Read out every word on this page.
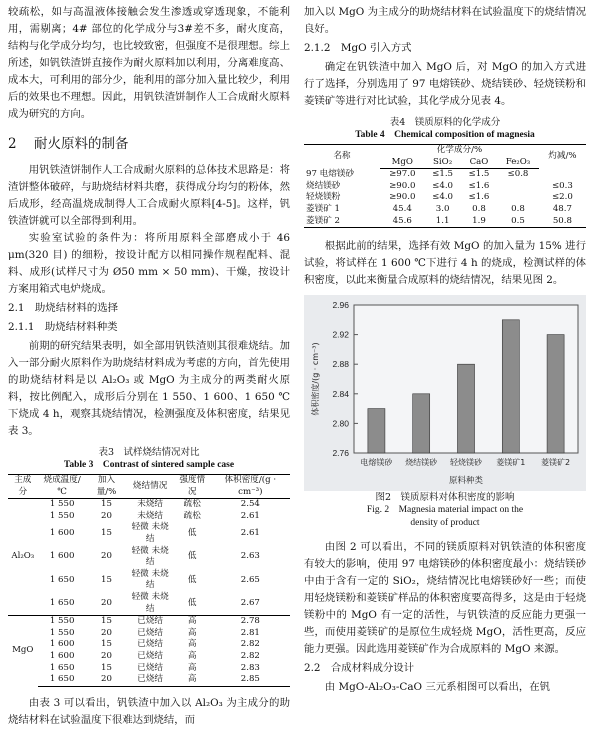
较疏松，如与高温液体接触会发生渗透或穿透现象，不能利用，需剔离；4# 部位的化学成分与3#差不多，耐火度高，结构与化学成分均匀，也比较致密，但强度不是很理想。综上所述，如钒铁渣饼直接作为耐火原料加以利用，分离难度高、成本大，可利用的部分少，能利用的部分加入量比较少，利用后的效果也不理想。因此，用钒铁渣饼制作人工合成耐火原料成为研究的方向。

2 耐火原料的制备

用钒铁渣饼制作人工合成耐火原料的总体技术思路是：将渣饼整体破碎，与助烧结材料共磨，获得成分均匀的粉体，然后成形，经高温烧成制得人工合成耐火原料[4-5]。这样，钒铁渣饼就可以全部得到利用。

实验室试验的条件为：将所用原料全部磨成小于 46 μm(320 目) 的细粉，按设计配方以相同操作规程配料、混料、成形(试样尺寸为 Ø50 mm × 50 mm)、干燥，按设计方案用箱式电炉烧成。

2.1　助烧结材料的选择
2.1.1　助烧结材料种类

前期的研究结果表明，如全部用钒铁渣则其很难烧结。加入一部分耐火原料作为助烧结材料成为考虑的方向，首先使用的助烧结材料是以 Al₂O₃ 或 MgO 为主成分的两类耐火原料，按比例配入，成形后分别在 1 550、1 600、1 650 ℃下烧成 4 h，观察其烧结情况，检测强度及体积密度，结果见表 3。

表3　试样烧结情况对比
Table 3　Contrast of sintered sample case
主成分	烧成温度/℃	加入量/%	烧结情况	强度情况	体积密度/(g · cm⁻³)
Al₂O₃	1 550	15	未烧结	疏松	2.54
	1 550	20	未烧结	疏松	2.61
	1 600	15	轻微 未烧结	低	2.61
	1 600	20	轻微 未烧结	低	2.63
	1 650	15	轻微 未烧结	低	2.65
	1 650	20	轻微 未烧结	低	2.67
MgO	1 550	15	已烧结	高	2.78
	1 550	20	已烧结	高	2.81
	1 600	15	已烧结	高	2.82
	1 600	20	已烧结	高	2.82
	1 650	15	已烧结	高	2.83
	1 650	20	已烧结	高	2.85

由表 3 可以看出，钒铁渣中加入以 Al₂O₃ 为主成分的助烧结材料在试验温度下很难达到烧结，而

加入以 MgO 为主成分的助烧结材料在试验温度下的烧结情况良好。

2.1.2　MgO 引入方式

确定在钒铁渣中加入 MgO 后，对 MgO 的加入方式进行了选择，分别选用了 97 电熔镁砂、烧结镁砂、轻烧镁粉和菱镁矿等进行对比试验，其化学成分见表 4。

表4　镁质原料的化学成分
Table 4　Chemical composition of magnesia
名称	化学成分/%				灼减/%
	MgO	SiO₂	CaO	Fe₂O₃	
97 电熔镁砂	≥97.0	≤1.5	≤1.5	≤0.8	
烧结镁砂	≥90.0	≤4.0	≤1.6		≤0.3
轻烧镁粉	≥90.0	≤4.0	≤1.6		≤2.0
菱镁矿 1	45.4	3.0	0.8	0.8	48.7
菱镁矿 2	45.6	1.1	1.9	0.5	50.8

根据此前的结果，选择有效 MgO 的加入量为 15% 进行试验，将试样在 1 600 ℃下进行 4 h 的烧成，检测试样的体积密度，以此来衡量合成原料的烧结情况，结果见图 2。

2.76
2.80
2.84
2.88
2.92
2.96
电熔镁砂 烧结镁砂 轻烧镁砂 菱镁矿1 菱镁矿2
原料种类
体积密度/(g · cm⁻³)
图2　镁质原料对体积密度的影响
Fig. 2　Magnesia material impact on the
density of product

由图 2 可以看出，不同的镁质原料对钒铁渣的体积密度有较大的影响，使用 97 电熔镁砂的体积密度最小：烧结镁砂中由于含有一定的 SiO₂，烧结情况比电熔镁砂好一些；而使用轻烧镁粉和菱镁矿样品的体积密度要高得多，这是由于轻烧镁粉中的 MgO 有一定的活性，与钒铁渣的反应能力更强一些，而使用菱镁矿的是原位生成轻烧 MgO，活性更高，反应能力更强。因此选用菱镁矿作为合成原料的 MgO 来源。

2.2　合成材料成分设计

由 MgO-Al₂O₃-CaO 三元系相图可以看出，在钒
